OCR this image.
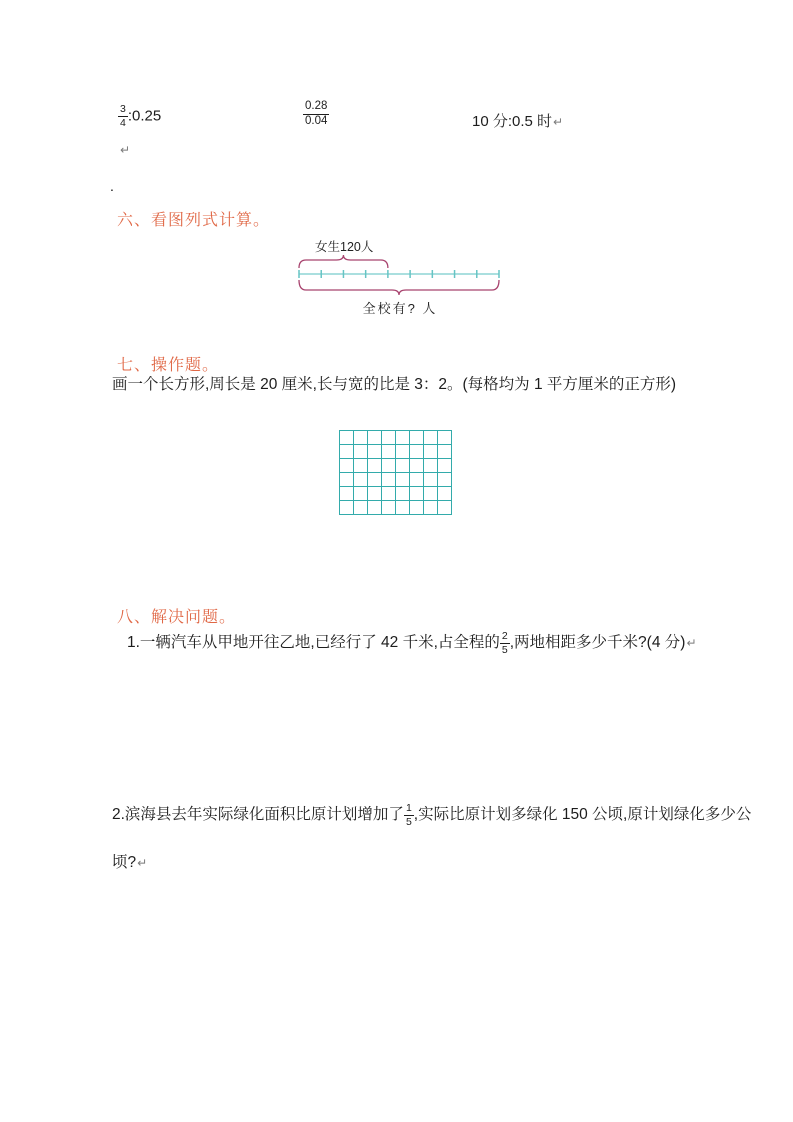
$\frac{3}{4}$ :0.25	$\frac{0.28}{0.04}$	10 分:0.5 时↵
↵
.
六、看图列式计算。
女生120人
全校有? 人
七、操作题。
画一个长方形,周长是 20 厘米,长与宽的比是 3：2。(每格均为 1 平方厘米的正方形)
八、解决问题。
1.一辆汽车从甲地开往乙地,已经行了 42 千米,占全程的 $\frac{2}{5}$ ,两地相距多少千米?(4 分)↵
2.滨海县去年实际绿化面积比原计划增加了 $\frac{1}{5}$ ,实际比原计划多绿化 150 公顷,原计划绿化多少公
顷?↵
